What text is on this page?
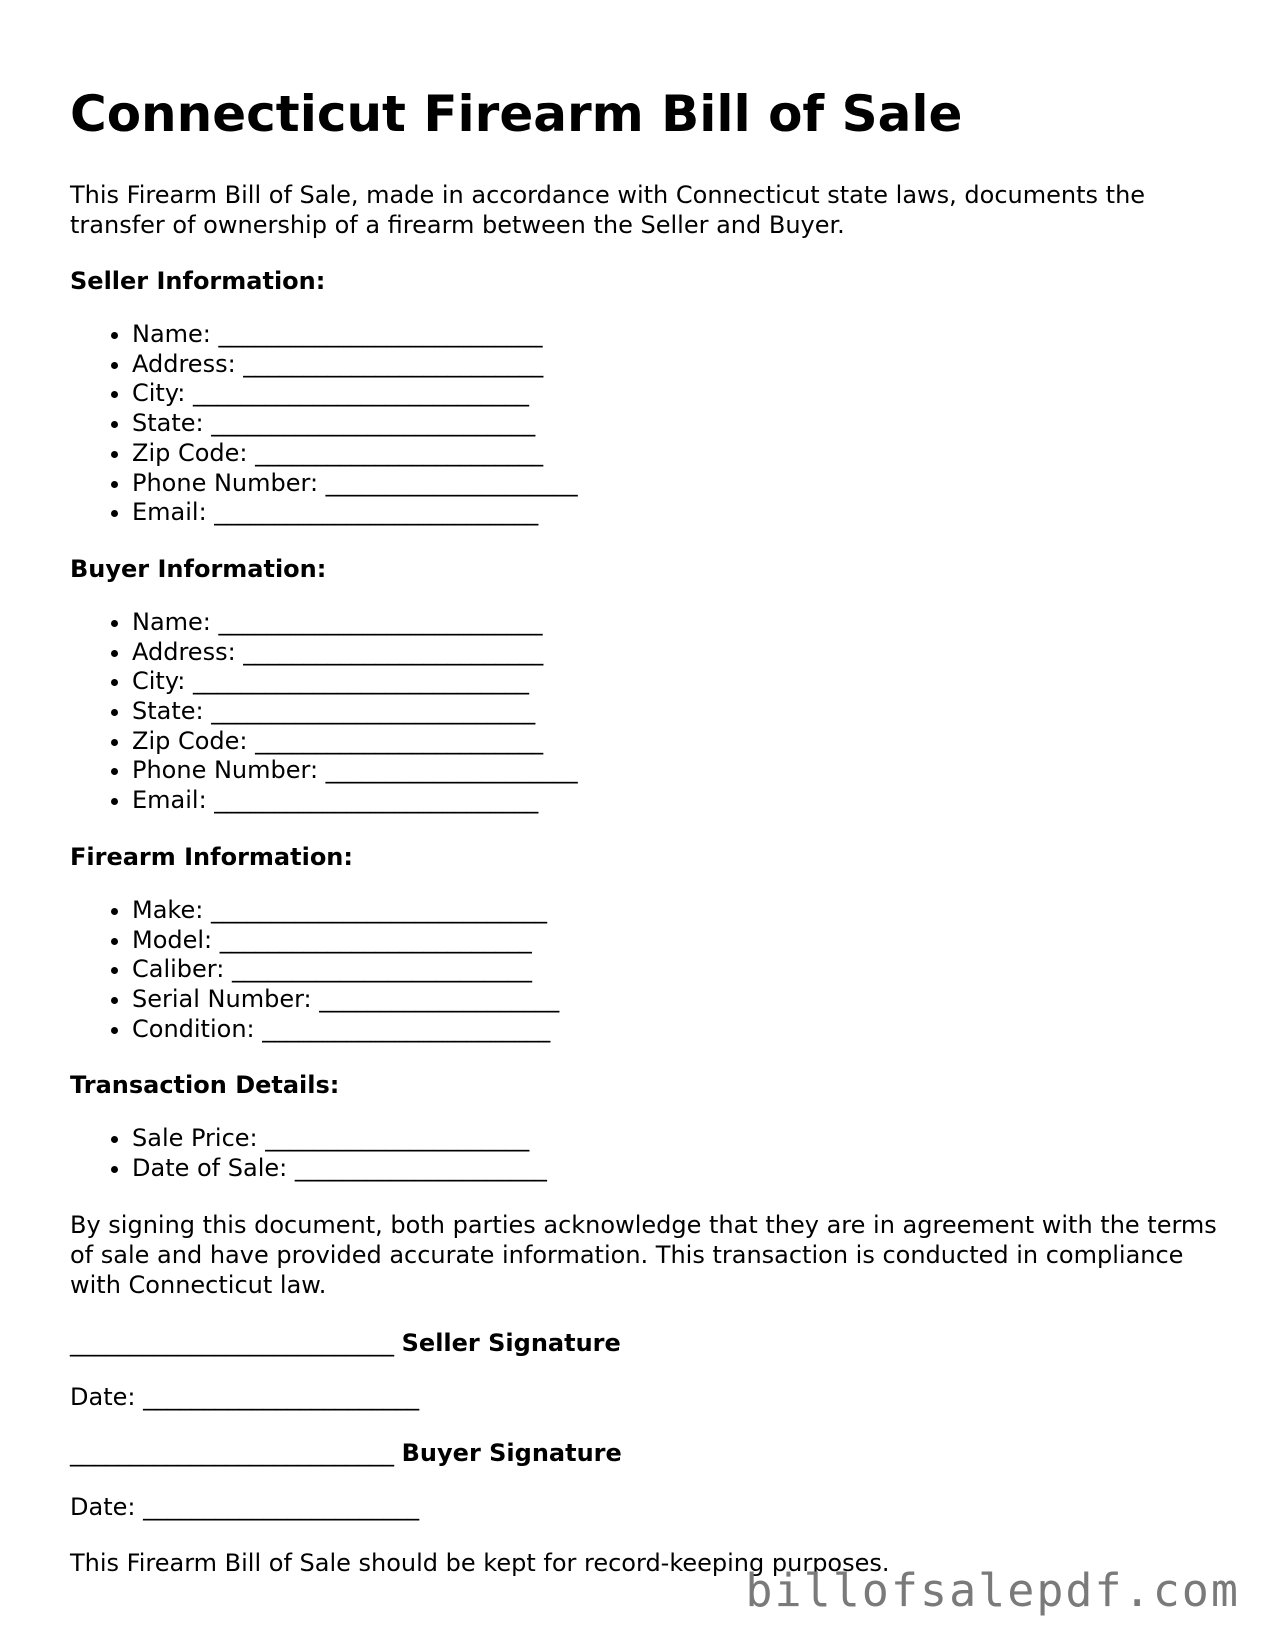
Connecticut Firearm Bill of Sale

This Firearm Bill of Sale, made in accordance with Connecticut state laws, documents the transfer of ownership of a firearm between the Seller and Buyer.

Seller Information:
• Name: ___________________________
• Address: _________________________
• City: ____________________________
• State: ___________________________
• Zip Code: ________________________
• Phone Number: _____________________
• Email: ___________________________
Buyer Information:
• Name: ___________________________
• Address: _________________________
• City: ____________________________
• State: ___________________________
• Zip Code: ________________________
• Phone Number: _____________________
• Email: ___________________________
Firearm Information:
• Make: ____________________________
• Model: __________________________
• Caliber: _________________________
• Serial Number: ____________________
• Condition: ________________________
Transaction Details:
• Sale Price: ______________________
• Date of Sale: _____________________

By signing this document, both parties acknowledge that they are in agreement with the terms of sale and have provided accurate information. This transaction is conducted in compliance with Connecticut law.

___________________________ Seller Signature
Date: _______________________
___________________________ Buyer Signature
Date: _______________________

This Firearm Bill of Sale should be kept for record-keeping purposes.

billofsalepdf.com
